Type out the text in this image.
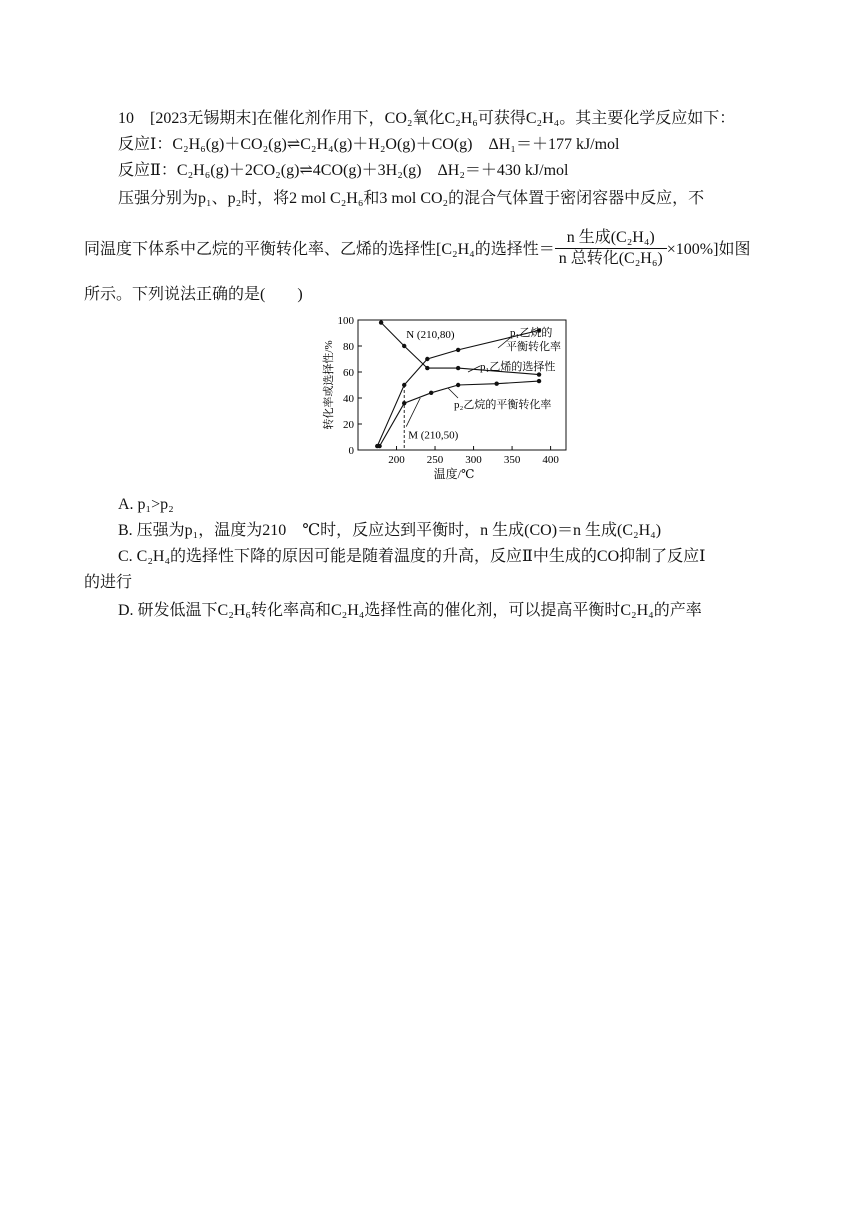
10 [2023无锡期末]在催化剂作用下，CO₂氧化C₂H₆可获得C₂H₄。其主要化学反应如下：
反应Ⅰ：C₂H₆(g)＋CO₂(g)⇌C₂H₄(g)＋H₂O(g)＋CO(g) ΔH₁＝＋177 kJ/mol
反应Ⅱ：C₂H₆(g)＋2CO₂(g)⇌4CO(g)＋3H₂(g) ΔH₂＝＋430 kJ/mol
压强分别为p₁、p₂时，将2 mol C₂H₆和3 mol CO₂的混合气体置于密闭容器中反应，不
同温度下体系中乙烷的平衡转化率、乙烯的选择性[C₂H₄的选择性＝ $\frac{\text{n 生成(C₂H₄)}}{\text{n 总转化(C₂H₆)}} \times 100\%$]如图
所示。下列说法正确的是(　　)
0
20
40
60
80
100
200 250 300 350 400
温度/℃
转化率或选择性/%
p₁乙烷的
平衡转化率
p₁乙烯的选择性
p₂乙烷的平衡转化率
N (210,80)
M (210,50)
A. p₁>p₂
B. 压强为p₁，温度为210　℃时，反应达到平衡时，n 生成(CO)＝n 生成(C₂H₄)
C. C₂H₄的选择性下降的原因可能是随着温度的升高，反应Ⅱ中生成的CO抑制了反应Ⅰ
的进行
D. 研发低温下C₂H₆转化率高和C₂H₄选择性高的催化剂，可以提高平衡时C₂H₄的产率
